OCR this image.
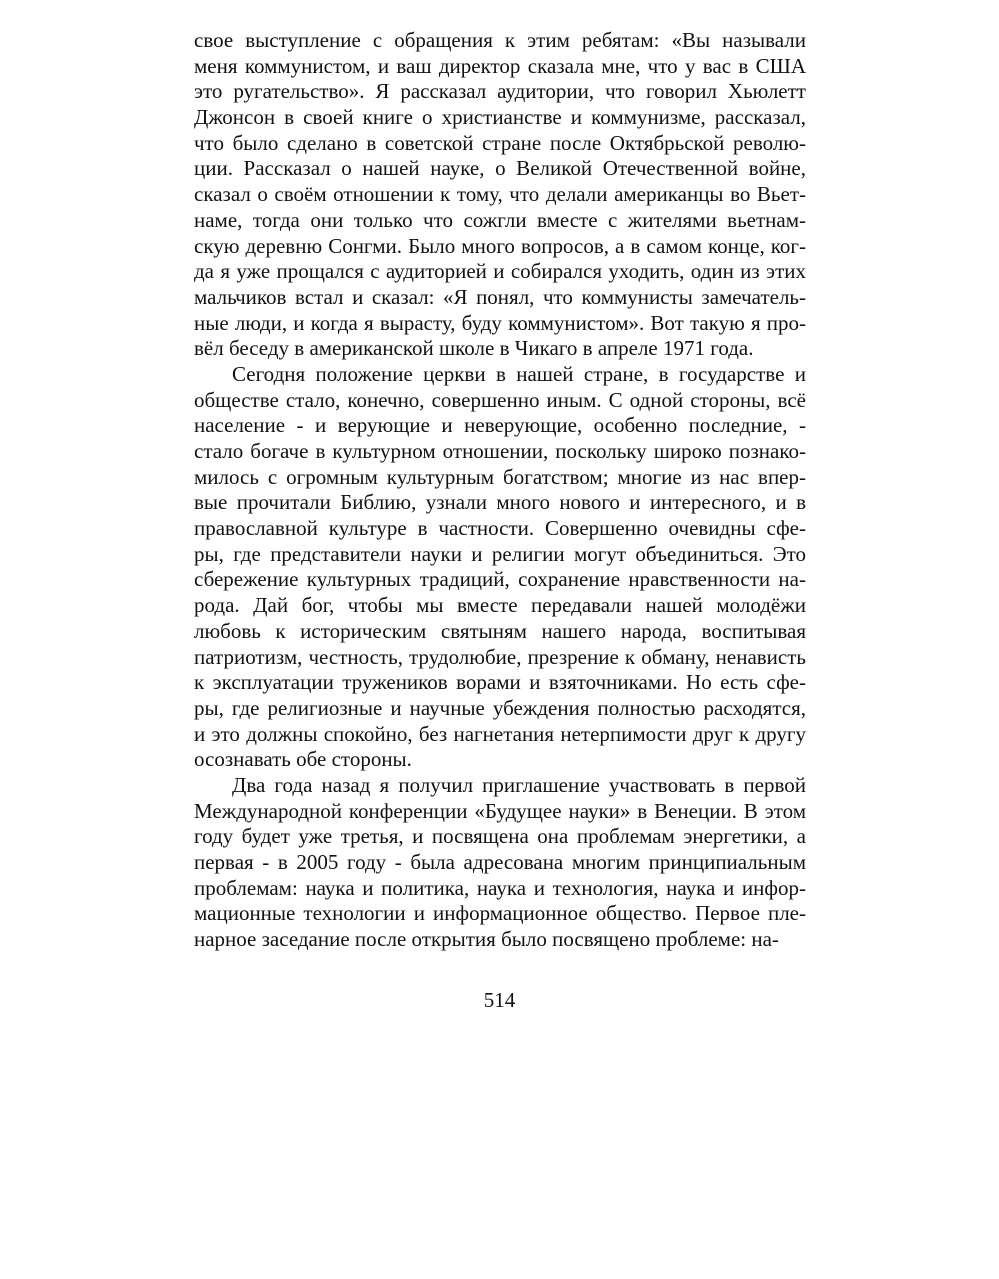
свое выступление с обращения к этим ребятам: «Вы называли
меня коммунистом, и ваш директор сказала мне, что у вас в США
это ругательство». Я рассказал аудитории, что говорил Хьюлетт
Джонсон в своей книге о христианстве и коммунизме, рассказал,
что было сделано в советской стране после Октябрьской револю-
ции. Рассказал о нашей науке, о Великой Отечественной войне,
сказал о своём отношении к тому, что делали американцы во Вьет-
наме, тогда они только что сожгли вместе с жителями вьетнам-
скую деревню Сонгми. Было много вопросов, а в самом конце, ког-
да я уже прощался с аудиторией и собирался уходить, один из этих
мальчиков встал и сказал: «Я понял, что коммунисты замечатель-
ные люди, и когда я вырасту, буду коммунистом». Вот такую я про-
вёл беседу в американской школе в Чикаго в апреле 1971 года.
Сегодня положение церкви в нашей стране, в государстве и
обществе стало, конечно, совершенно иным. С одной стороны, всё
население - и верующие и неверующие, особенно последние, -
стало богаче в культурном отношении, поскольку широко познако-
милось с огромным культурным богатством; многие из нас впер-
вые прочитали Библию, узнали много нового и интересного, и в
православной культуре в частности. Совершенно очевидны сфе-
ры, где представители науки и религии могут объединиться. Это
сбережение культурных традиций, сохранение нравственности на-
рода. Дай бог, чтобы мы вместе передавали нашей молодёжи
любовь к историческим святыням нашего народа, воспитывая
патриотизм, честность, трудолюбие, презрение к обману, ненависть
к эксплуатации тружеников ворами и взяточниками. Но есть сфе-
ры, где религиозные и научные убеждения полностью расходятся,
и это должны спокойно, без нагнетания нетерпимости друг к другу
осознавать обе стороны.
Два года назад я получил приглашение участвовать в первой
Международной конференции «Будущее науки» в Венеции. В этом
году будет уже третья, и посвящена она проблемам энергетики, а
первая - в 2005 году - была адресована многим принципиальным
проблемам: наука и политика, наука и технология, наука и инфор-
мационные технологии и информационное общество. Первое пле-
нарное заседание после открытия было посвящено проблеме: на-
514
